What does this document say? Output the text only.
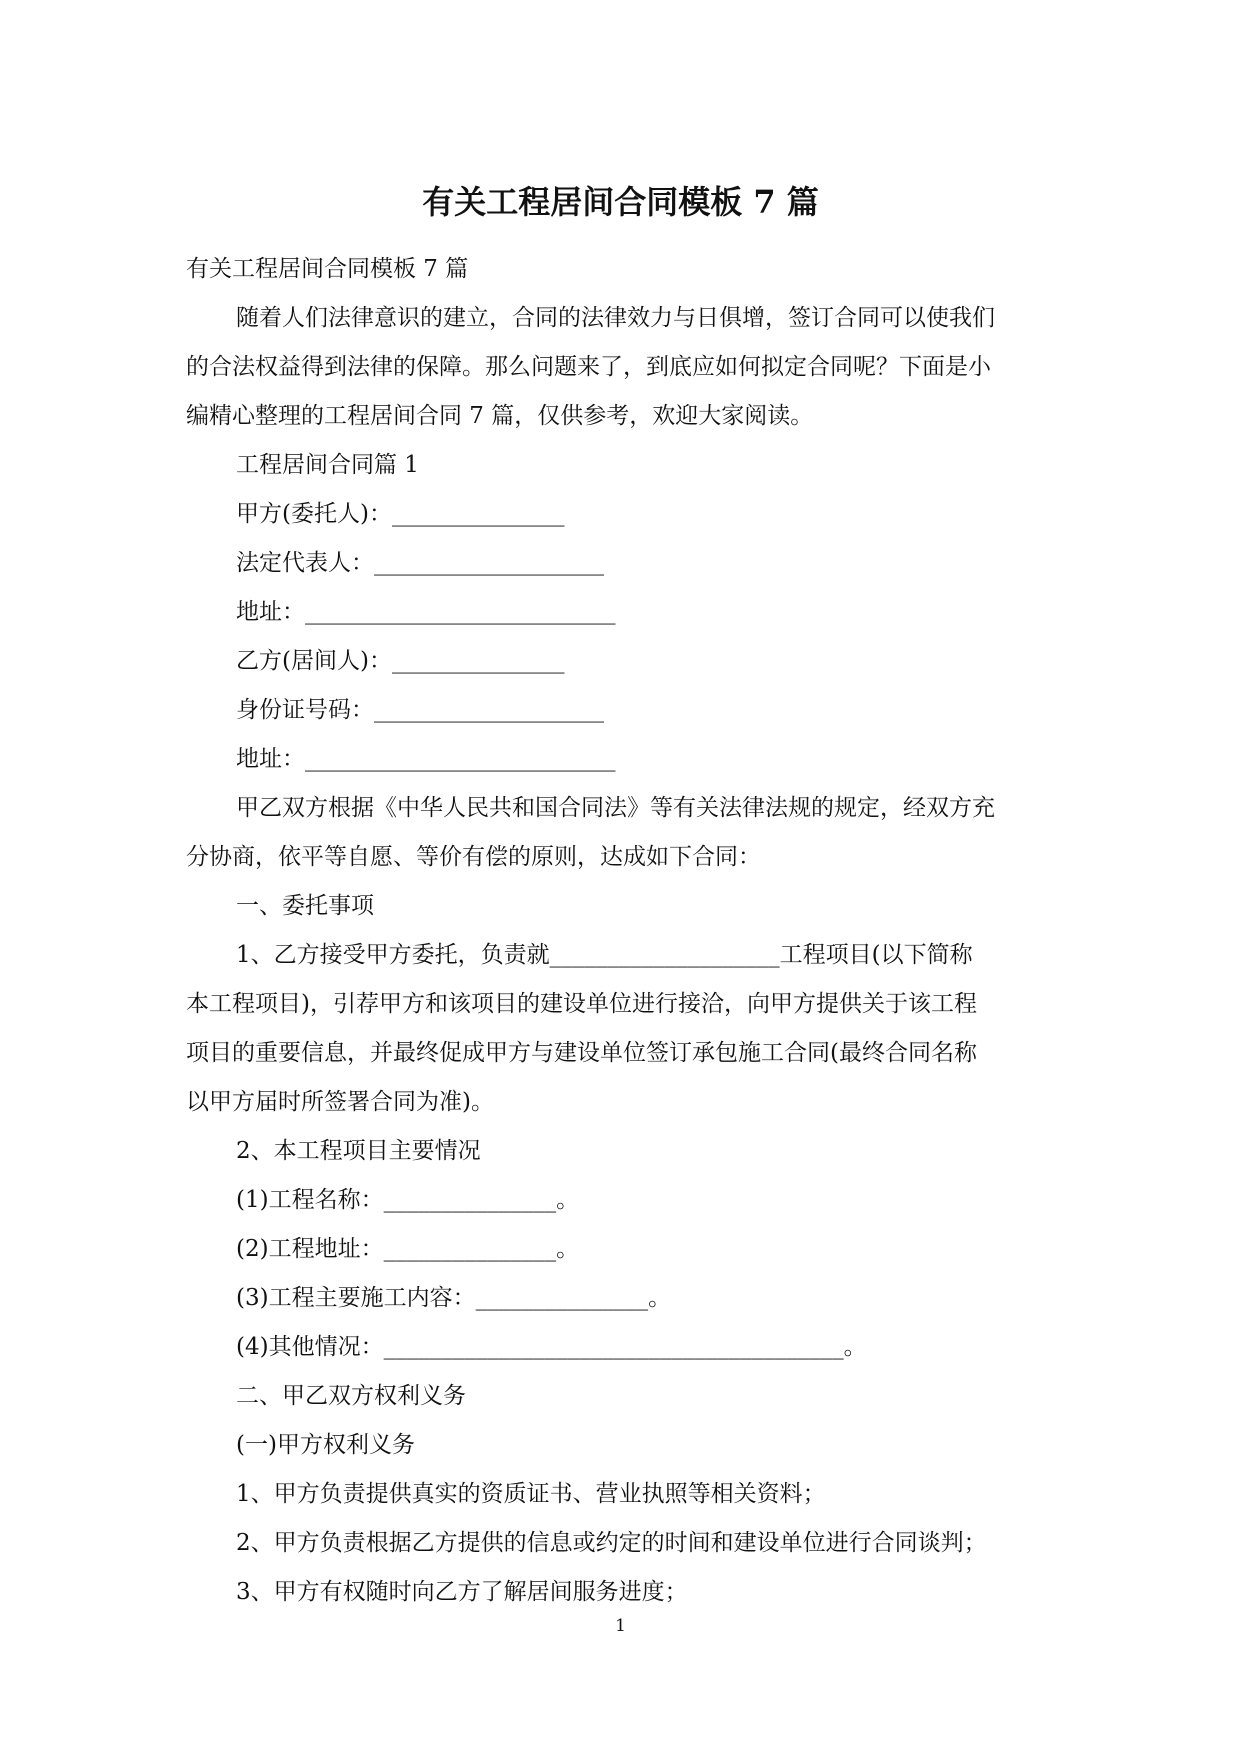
有关工程居间合同模板 7 篇
有关工程居间合同模板 7 篇
随着人们法律意识的建立，合同的法律效力与日俱增，签订合同可以使我们
的合法权益得到法律的保障。那么问题来了，到底应如何拟定合同呢？下面是小
编精心整理的工程居间合同 7 篇，仅供参考，欢迎大家阅读。
工程居间合同篇 1
甲方(委托人)：_______________
法定代表人：____________________
地址：___________________________
乙方(居间人)：_______________
身份证号码：____________________
地址：___________________________
甲乙双方根据《中华人民共和国合同法》等有关法律法规的规定，经双方充
分协商，依平等自愿、等价有偿的原则，达成如下合同：
一、委托事项
1、乙方接受甲方委托，负责就____________________工程项目(以下简称
本工程项目)，引荐甲方和该项目的建设单位进行接洽，向甲方提供关于该工程
项目的重要信息，并最终促成甲方与建设单位签订承包施工合同(最终合同名称
以甲方届时所签署合同为准)。
2、本工程项目主要情况
(1)工程名称：_______________。
(2)工程地址：_______________。
(3)工程主要施工内容：_______________。
(4)其他情况：________________________________________。
二、甲乙双方权利义务
(一)甲方权利义务
1、甲方负责提供真实的资质证书、营业执照等相关资料；
2、甲方负责根据乙方提供的信息或约定的时间和建设单位进行合同谈判；
3、甲方有权随时向乙方了解居间服务进度；
1
